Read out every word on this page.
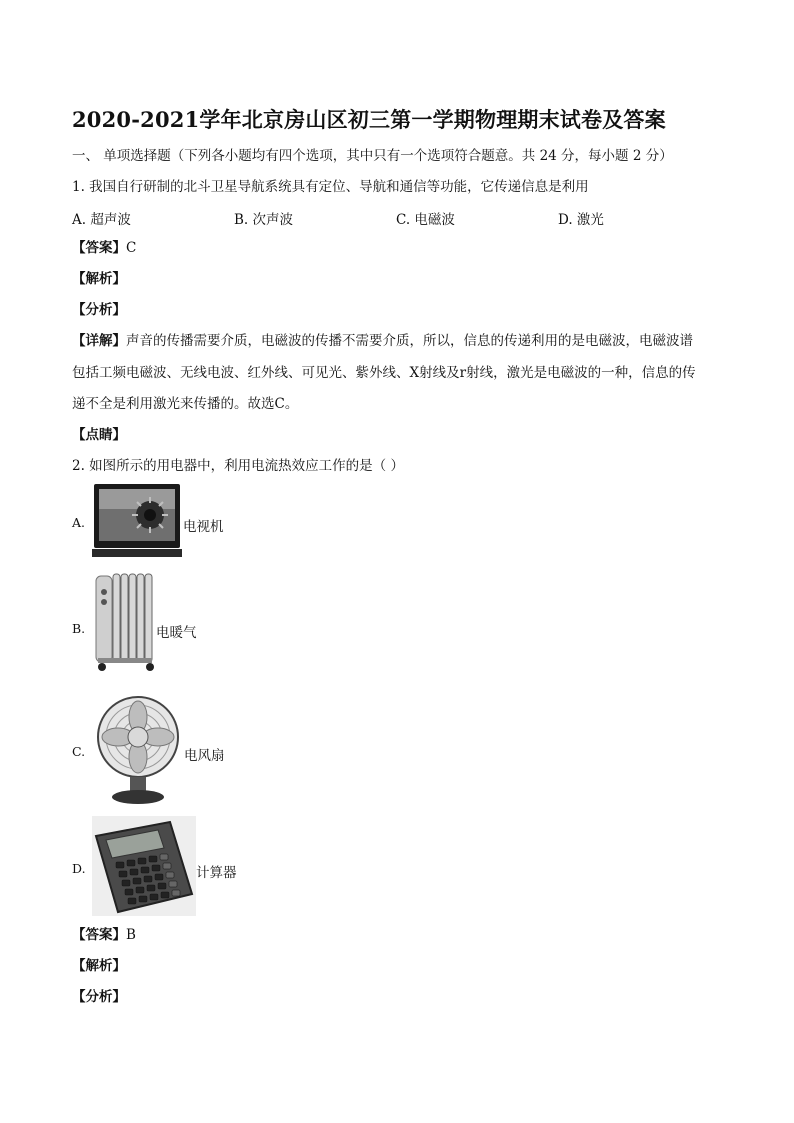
2020-2021学年北京房山区初三第一学期物理期末试卷及答案
一、 单项选择题（下列各小题均有四个选项，其中只有一个选项符合题意。共 24 分，每小题 2 分）
1. 我国自行研制的北斗卫星导航系统具有定位、导航和通信等功能，它传递信息是利用
A. 超声波	B. 次声波	C. 电磁波	D. 激光
【答案】C
【解析】
【分析】
【详解】声音的传播需要介质，电磁波的传播不需要介质，所以，信息的传递利用的是电磁波，电磁波谱
包括工频电磁波、无线电波、红外线、可见光、紫外线、X射线及r射线，激光是电磁波的一种，信息的传
递不全是利用激光来传播的。故选C。
【点睛】
2. 如图所示的用电器中，利用电流热效应工作的是（ ）
A.	电视机
B.	电暖气
C.	电风扇
D.	计算器
【答案】B
【解析】
【分析】
